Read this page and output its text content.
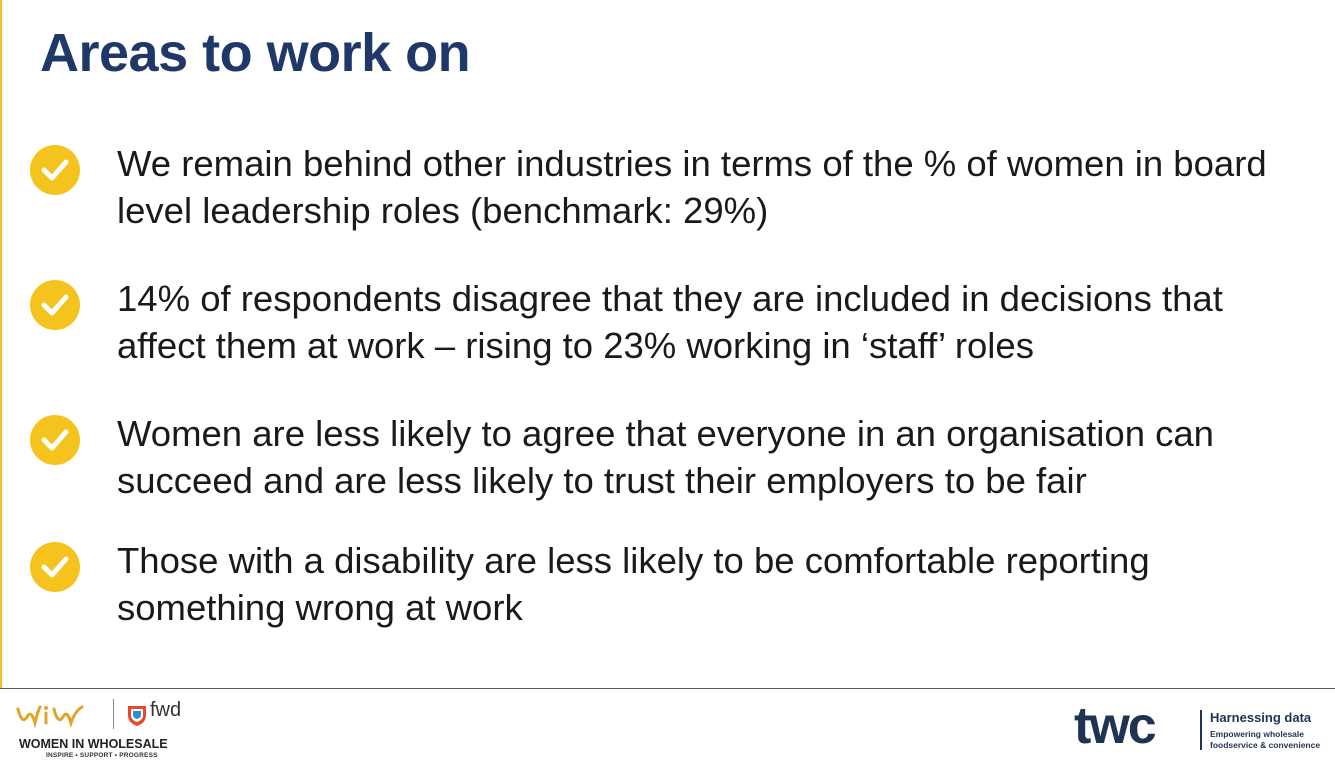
Areas to work on
We remain behind other industries in terms of the % of women in board level leadership roles (benchmark: 29%)
14% of respondents disagree that they are included in decisions that affect them at work – rising to 23% working in ‘staff’ roles
Women are less likely to agree that everyone in an organisation can succeed and are less likely to trust their employers to be fair
Those with a disability are less likely to be comfortable reporting something wrong at work
fwd
WOMEN IN WHOLESALE
INSPIRE • SUPPORT • PROGRESS
twc	Harnessing data
Empowering wholesale
foodservice & convenience
